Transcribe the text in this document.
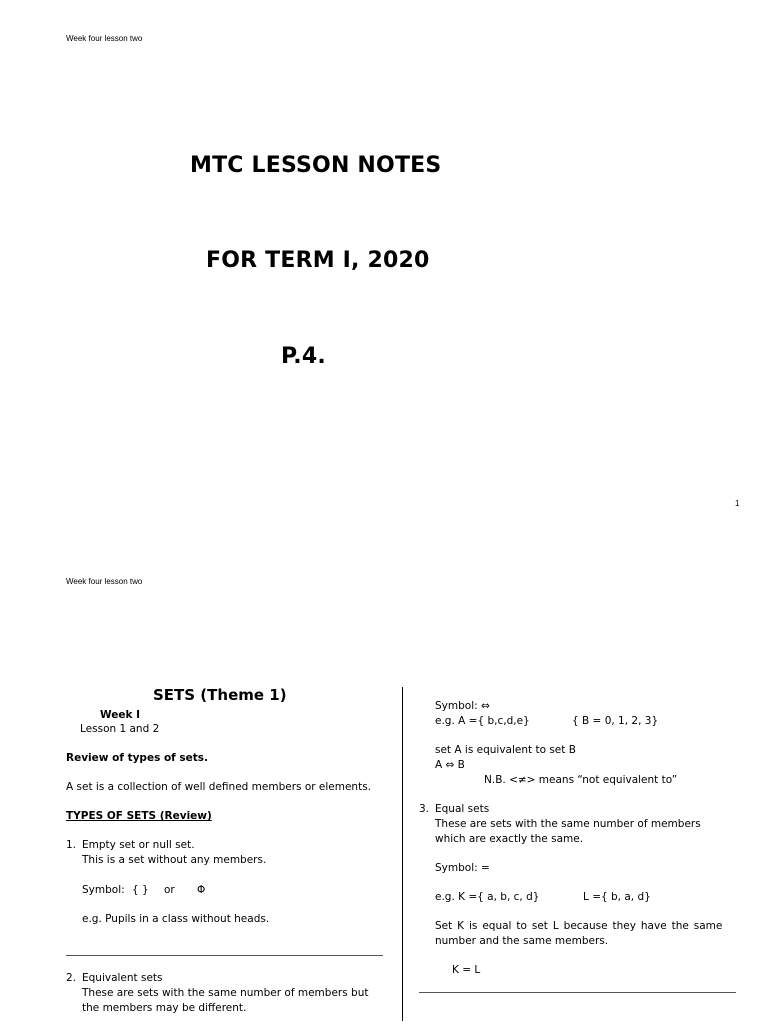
Week four lesson two
MTC LESSON NOTES
FOR TERM I, 2020
P.4.
1
Week four lesson two
SETS (Theme 1)
Week I
Lesson 1 and 2
Review of types of sets.
A set is a collection of well defined members or elements.
TYPES OF SETS (Review)
1. Empty set or null set.
This is a set without any members.
Symbol: { } or Φ
e.g. Pupils in a class without heads.
2. Equivalent sets
These are sets with the same number of members but
the members may be different.
Symbol: ⇔
e.g. A ={ b,c,d,e}	{ B = 0, 1, 2, 3}
set A is equivalent to set B
A ⇔ B
N.B. <≠> means “not equivalent to”
3. Equal sets
These are sets with the same number of members
which are exactly the same.
Symbol: =
e.g. K ={ a, b, c, d}	L ={ b, a, d}
Set K is equal to set L because they have the same
number and the same members.
K = L
